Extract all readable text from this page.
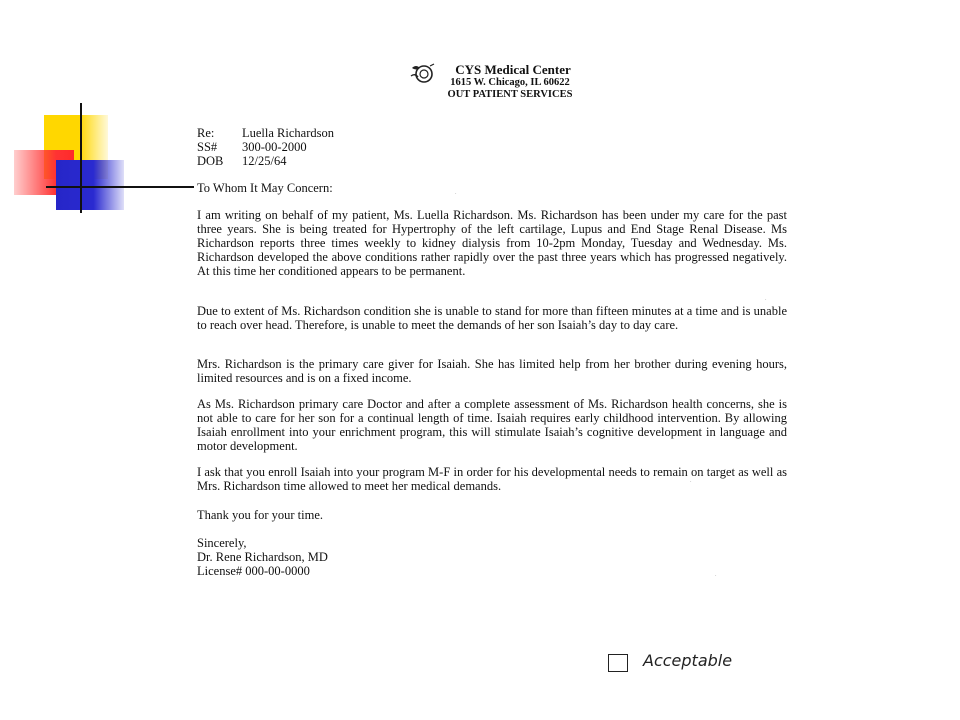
CYS Medical Center
1615 W. Chicago, IL 60622
OUT PATIENT SERVICES
Re:	Luella Richardson
SS#	300-00-2000
DOB	12/25/64

To Whom It May Concern:

I am writing on behalf of my patient, Ms. Luella Richardson. Ms. Richardson has been under my care for the past three years. She is being treated for Hypertrophy of the left cartilage, Lupus and End Stage Renal Disease. Ms Richardson reports three times weekly to kidney dialysis from 10-2pm Monday, Tuesday and Wednesday. Ms. Richardson developed the above conditions rather rapidly over the past three years which has progressed negatively. At this time her conditioned appears to be permanent.

Due to extent of Ms. Richardson condition she is unable to stand for more than fifteen minutes at a time and is unable to reach over head. Therefore, is unable to meet the demands of her son Isaiah’s day to day care.

Mrs. Richardson is the primary care giver for Isaiah. She has limited help from her brother during evening hours, limited resources and is on a fixed income.

As Ms. Richardson primary care Doctor and after a complete assessment of Ms. Richardson health concerns, she is not able to care for her son for a continual length of time. Isaiah requires early childhood intervention. By allowing Isaiah enrollment into your enrichment program, this will stimulate Isaiah’s cognitive development in language and motor development.

I ask that you enroll Isaiah into your program M-F in order for his developmental needs to remain on target as well as Mrs. Richardson time allowed to meet her medical demands.

Thank you for your time.

Sincerely,
Dr. Rene Richardson, MD
License# 000-00-0000
.
.
.
.
Acceptable
